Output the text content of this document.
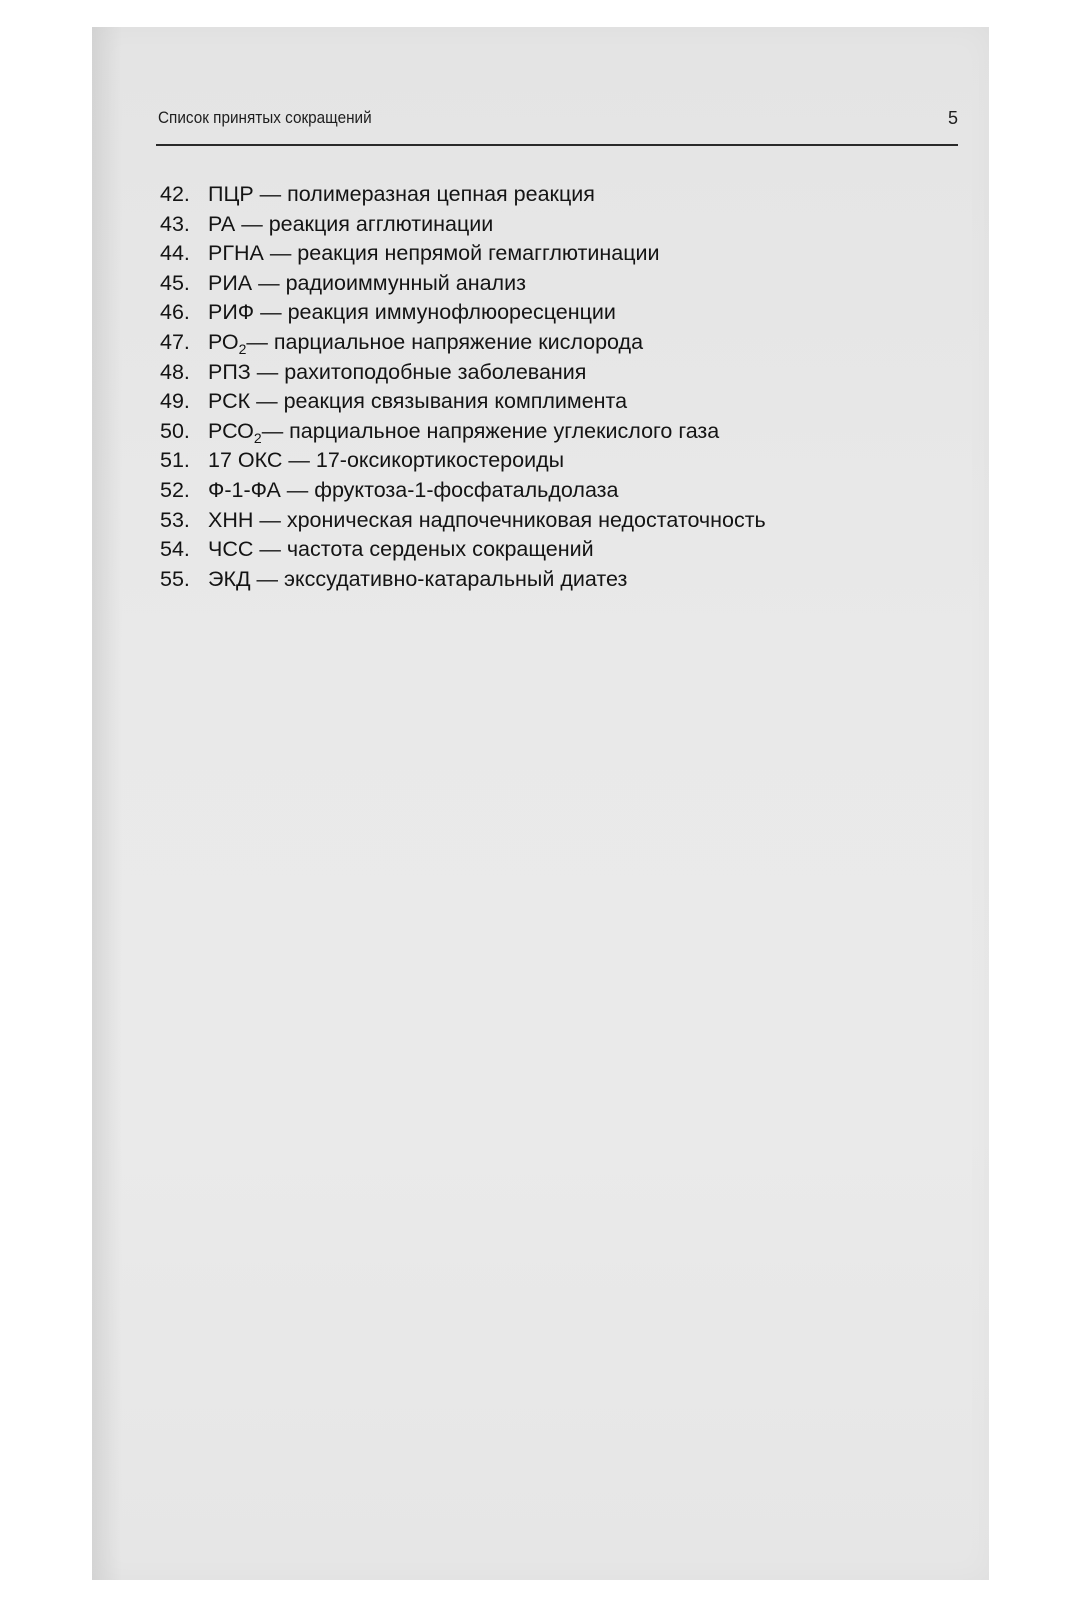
Список принятых сокращений	5
42. ПЦР — полимеразная цепная реакция
43. РА — реакция агглютинации
44. РГНА — реакция непрямой гемагглютинации
45. РИА — радиоиммунный анализ
46. РИФ — реакция иммунофлюоресценции
47. $РО_2—$ парциальное напряжение кислорода
48. РПЗ — рахитоподобные заболевания
49. РСК — реакция связывания комплимента
50. $РСО_2—$ парциальное напряжение углекислого газа
51. 17 ОКС — 17-оксикортикостероиды
52. Ф-1-ФА — фруктоза-1-фосфатальдолаза
53. ХНН — хроническая надпочечниковая недостаточность
54. ЧСС — частота серденых сокращений
55. ЭКД — экссудативно-катаральный диатез
